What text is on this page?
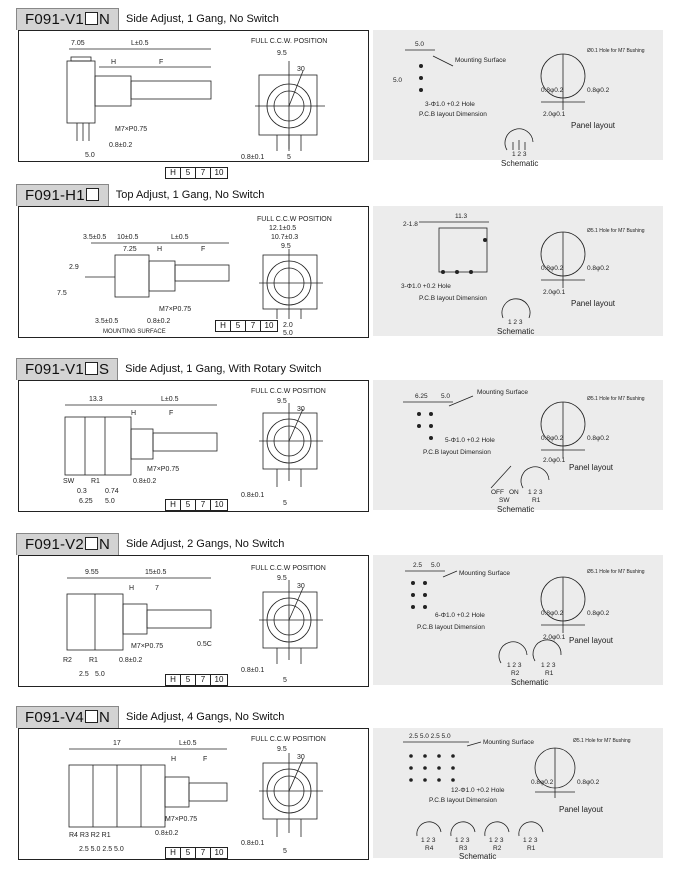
F091-V1 N	Side Adjust, 1 Gang, No Switch
7.05	L±0.5
H	F
M7×P0.75
0.8±0.2
5.0
FULL C.C.W. POSITION
9.5
30
0.8±0.1	5
H	5	7	10
5.0
5.0
Mounting Surface
3-Φ1.0 +0.2 Hole
P.C.B layout Dimension
Ø0.1 Hole for M7 Bushing
0.8φ0.2	0.8φ0.2
2.0φ0.1
Panel layout
1 2 3
Schematic
F091-H1	Top Adjust, 1 Gang, No Switch
3.5±0.5 10±0.5	L±0.5
7.25	H	F
M7×P0.75
0.8±0.2
3.5±0.5
MOUNTING SURFACE
2.9
7.5
FULL C.C.W POSITION
12.1±0.5
10.7±0.3
9.5
2.0
5.0
H	5	7	10
11.3
2-1.8
3-Φ1.0 +0.2 Hole
P.C.B layout Dimension
Ø5.1 Hole for M7 Bushing
0.8φ0.2	0.8φ0.2
2.0φ0.1
Panel layout
1 2 3
Schematic
F091-V1 S	Side Adjust, 1 Gang, With Rotary Switch
13.3	L±0.5
H	F
M7×P0.75
0.8±0.2
SW R1
0.3	0.74
6.25 5.0
FULL C.C.W POSITION
9.5
30
0.8±0.1
5
H	5	7	10
6.25 5.0
Mounting Surface
5-Φ1.0 +0.2 Hole
P.C.B layout Dimension
Ø5.1 Hole for M7 Bushing
0.8φ0.2	0.8φ0.2
2.0φ0.1
Panel layout
OFF ON
SW
1 2 3
R1
Schematic
F091-V2 N	Side Adjust, 2 Gangs, No Switch
9.55	15±0.5
H	7
M7×P0.75
0.8±0.2
0.5C
R2 R1
2.5 5.0
FULL C.C.W POSITION
9.5
30
0.8±0.1
5
H	5	7	10
2.5 5.0
Mounting Surface
6-Φ1.0 +0.2 Hole
P.C.B layout Dimension
Ø5.1 Hole for M7 Bushing
0.8φ0.2	0.8φ0.2
2.0φ0.1 Panel layout
1 2 3	1 2 3
R2	R1
Schematic
F091-V4 N	Side Adjust, 4 Gangs, No Switch
17	L±0.5
H	F
M7×P0.75
0.8±0.2
R4 R3 R2 R1
2.5 5.0 2.5 5.0
FULL C.C.W POSITION
9.5
30
0.8±0.1
5
H	5	7	10
2.5 5.0 2.5 5.0
Mounting Surface
12-Φ1.0 +0.2 Hole
P.C.B layout Dimension
Ø5.1 Hole for M7 Bushing
0.8φ0.2	0.8φ0.2
Panel layout
1 2 3	1 2 3	1 2 3	1 2 3
R4	R3	R2	R1
Schematic
